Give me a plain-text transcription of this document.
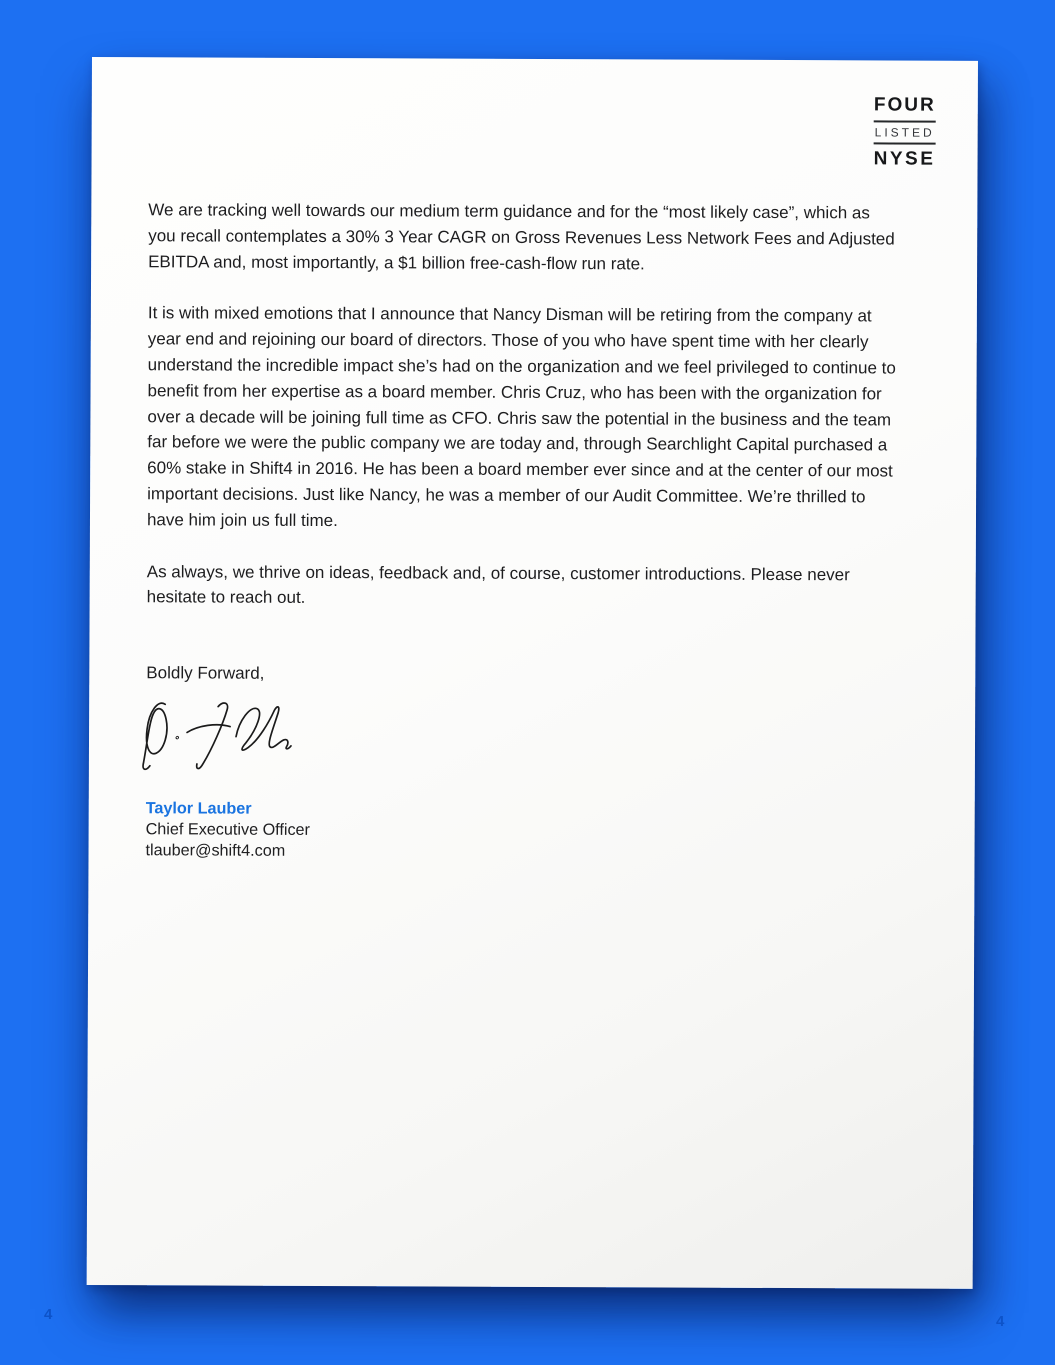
FOUR
LISTED
NYSE

We are tracking well towards our medium term guidance and for the “most likely case”, which as you recall contemplates a 30% 3 Year CAGR on Gross Revenues Less Network Fees and Adjusted EBITDA and, most importantly, a $1 billion free-cash-flow run rate.

It is with mixed emotions that I announce that Nancy Disman will be retiring from the company at year end and rejoining our board of directors. Those of you who have spent time with her clearly understand the incredible impact she’s had on the organization and we feel privileged to continue to benefit from her expertise as a board member. Chris Cruz, who has been with the organization for over a decade will be joining full time as CFO. Chris saw the potential in the business and the team far before we were the public company we are today and, through Searchlight Capital purchased a 60% stake in Shift4 in 2016. He has been a board member ever since and at the center of our most important decisions. Just like Nancy, he was a member of our Audit Committee. We’re thrilled to have him join us full time.

As always, we thrive on ideas, feedback and, of course, customer introductions. Please never hesitate to reach out.

Boldly Forward,

Taylor Lauber
Chief Executive Officer
tlauber@shift4.com
4	4
